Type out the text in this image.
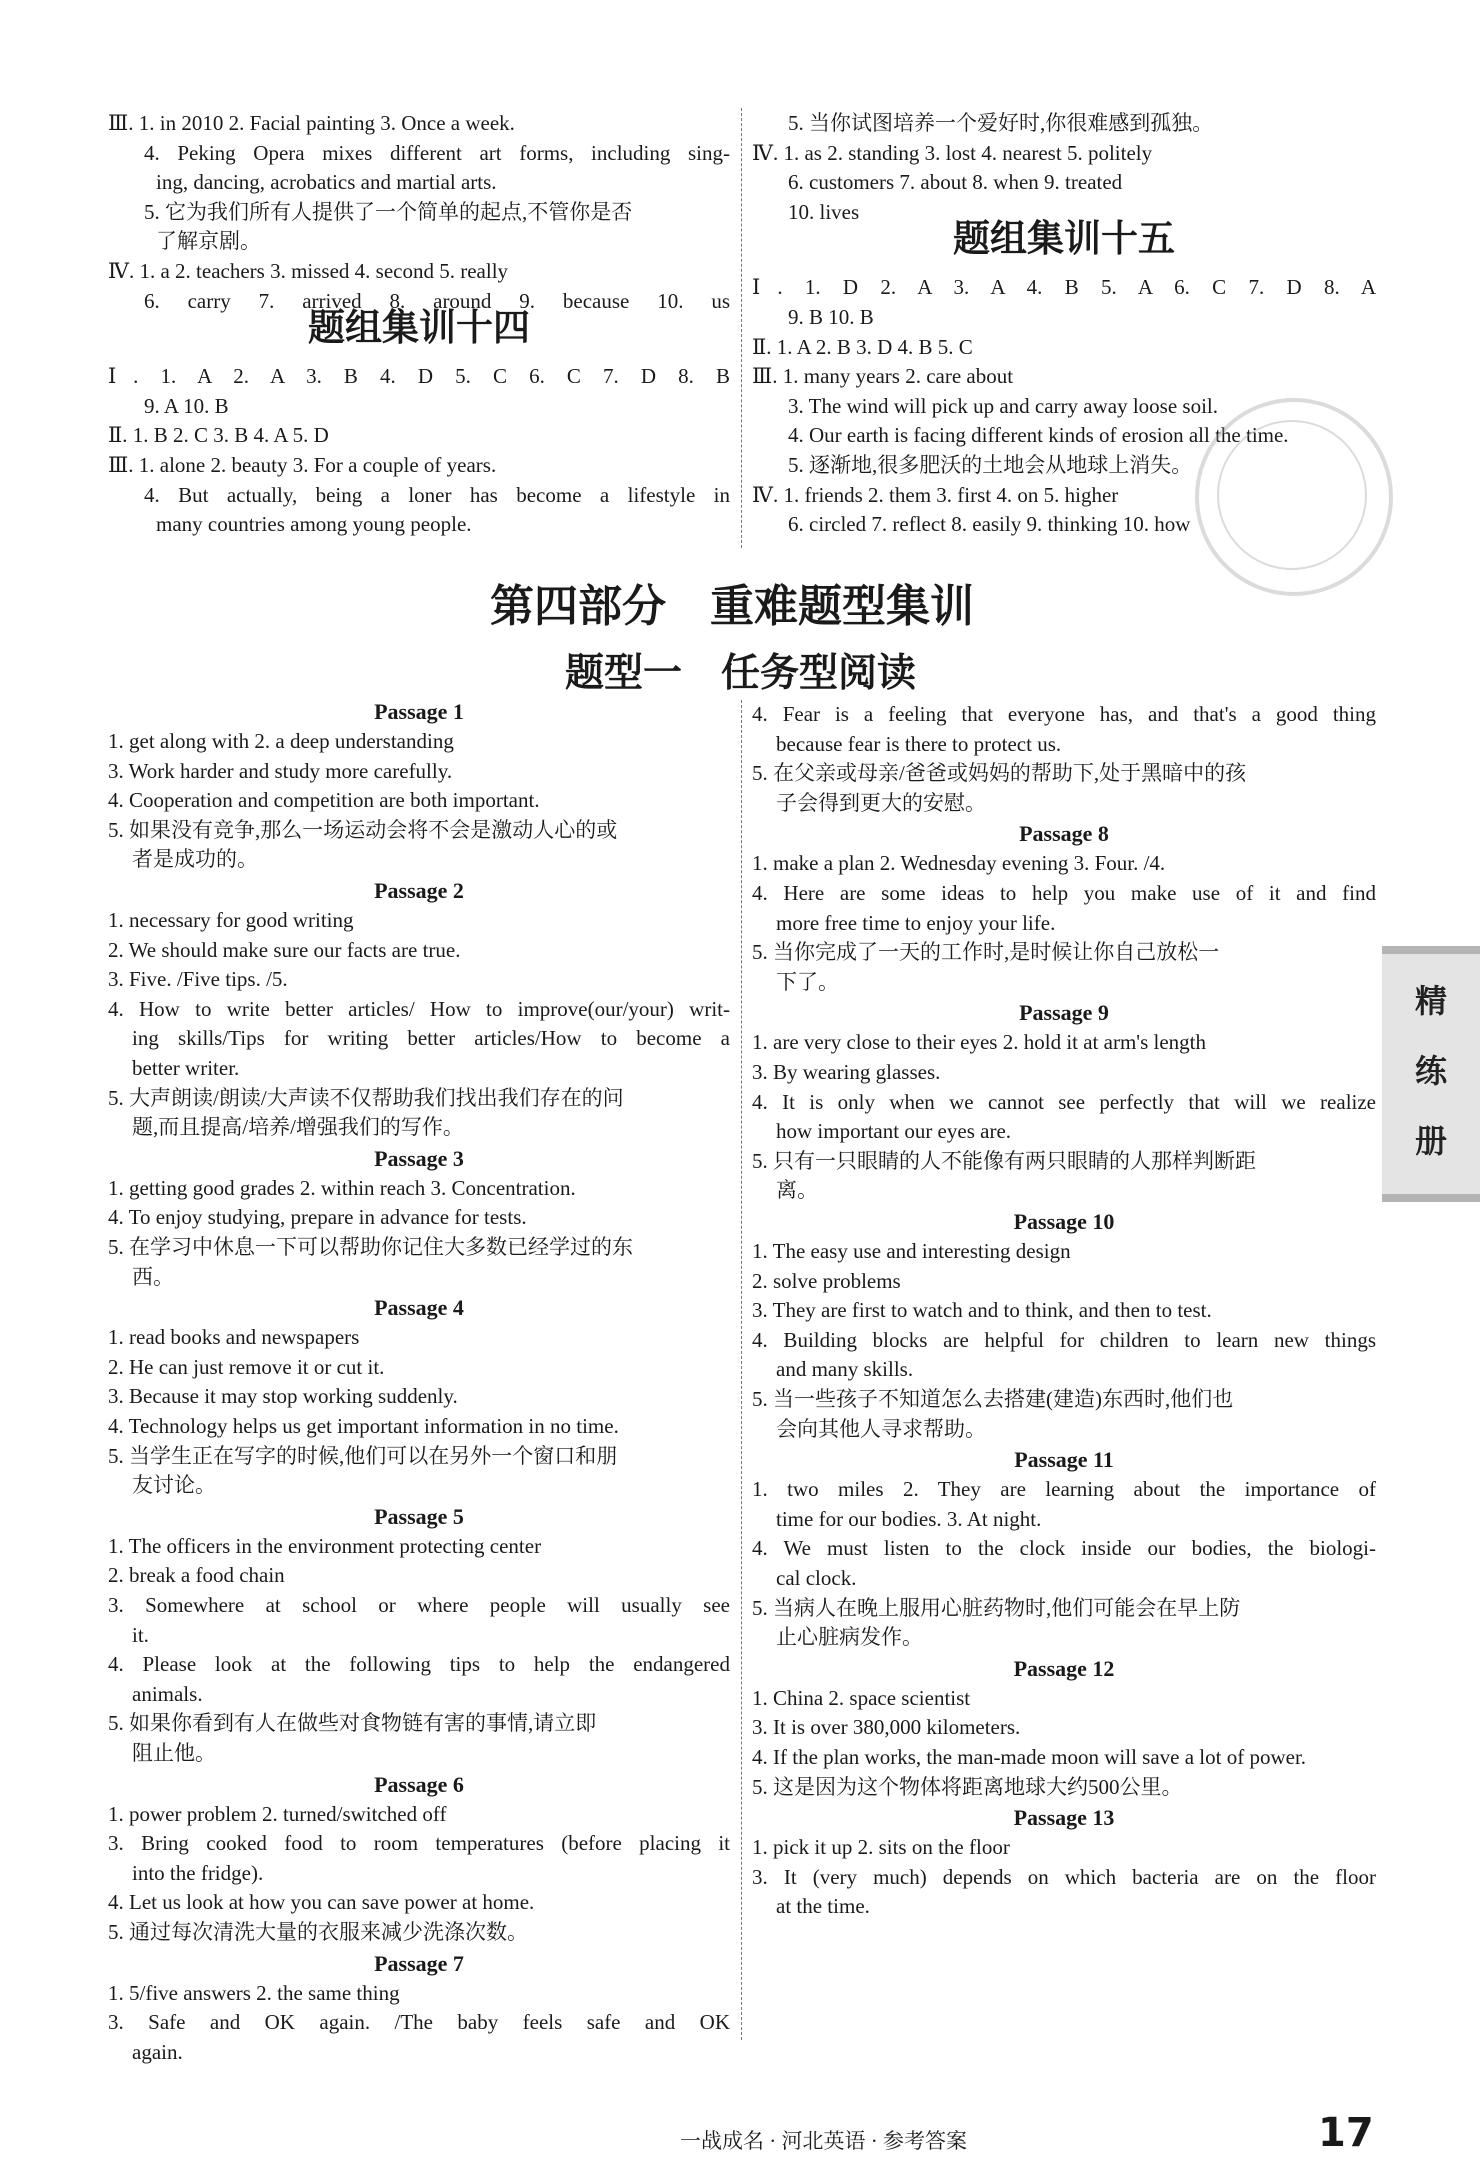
Ⅲ. 1. in 2010 2. Facial painting 3. Once a week.
4. Peking Opera mixes different art forms, including sing-
ing, dancing, acrobatics and martial arts.
5. 它为我们所有人提供了一个简单的起点,不管你是否
了解京剧。
Ⅳ. 1. a 2. teachers 3. missed 4. second 5. really
6. carry 7. arrived 8. around 9. because 10. us
题组集训十四
Ⅰ. 1. A 2. A 3. B 4. D 5. C 6. C 7. D 8. B
9. A 10. B
Ⅱ. 1. B 2. C 3. B 4. A 5. D
Ⅲ. 1. alone 2. beauty 3. For a couple of years.
4. But actually, being a loner has become a lifestyle in
many countries among young people.
Passage 1
1. get along with 2. a deep understanding
3. Work harder and study more carefully.
4. Cooperation and competition are both important.
5. 如果没有竞争,那么一场运动会将不会是激动人心的或
者是成功的。
Passage 2
1. necessary for good writing
2. We should make sure our facts are true.
3. Five. /Five tips. /5.
4. How to write better articles/ How to improve(our/your) writ-
ing skills/Tips for writing better articles/How to become a
better writer.
5. 大声朗读/朗读/大声读不仅帮助我们找出我们存在的问
题,而且提高/培养/增强我们的写作。
Passage 3
1. getting good grades 2. within reach 3. Concentration.
4. To enjoy studying, prepare in advance for tests.
5. 在学习中休息一下可以帮助你记住大多数已经学过的东
西。
Passage 4
1. read books and newspapers
2. He can just remove it or cut it.
3. Because it may stop working suddenly.
4. Technology helps us get important information in no time.
5. 当学生正在写字的时候,他们可以在另外一个窗口和朋
友讨论。
Passage 5
1. The officers in the environment protecting center
2. break a food chain
3. Somewhere at school or where people will usually see
it.
4. Please look at the following tips to help the endangered
animals.
5. 如果你看到有人在做些对食物链有害的事情,请立即
阻止他。
Passage 6
1. power problem 2. turned/switched off
3. Bring cooked food to room temperatures (before placing it
into the fridge).
4. Let us look at how you can save power at home.
5. 通过每次清洗大量的衣服来减少洗涤次数。
Passage 7
1. 5/five answers 2. the same thing
3. Safe and OK again. /The baby feels safe and OK
again.
5. 当你试图培养一个爱好时,你很难感到孤独。
Ⅳ. 1. as 2. standing 3. lost 4. nearest 5. politely
6. customers 7. about 8. when 9. treated
10. lives
题组集训十五
Ⅰ. 1. D 2. A 3. A 4. B 5. A 6. C 7. D 8. A
9. B 10. B
Ⅱ. 1. A 2. B 3. D 4. B 5. C
Ⅲ. 1. many years 2. care about
3. The wind will pick up and carry away loose soil.
4. Our earth is facing different kinds of erosion all the time.
5. 逐渐地,很多肥沃的土地会从地球上消失。
Ⅳ. 1. friends 2. them 3. first 4. on 5. higher
6. circled 7. reflect 8. easily 9. thinking 10. how
4. Fear is a feeling that everyone has, and that's a good thing
because fear is there to protect us.
5. 在父亲或母亲/爸爸或妈妈的帮助下,处于黑暗中的孩
子会得到更大的安慰。
Passage 8
1. make a plan 2. Wednesday evening 3. Four. /4.
4. Here are some ideas to help you make use of it and find
more free time to enjoy your life.
5. 当你完成了一天的工作时,是时候让你自己放松一
下了。
Passage 9
1. are very close to their eyes 2. hold it at arm's length
3. By wearing glasses.
4. It is only when we cannot see perfectly that will we realize
how important our eyes are.
5. 只有一只眼睛的人不能像有两只眼睛的人那样判断距
离。
Passage 10
1. The easy use and interesting design
2. solve problems
3. They are first to watch and to think, and then to test.
4. Building blocks are helpful for children to learn new things
and many skills.
5. 当一些孩子不知道怎么去搭建(建造)东西时,他们也
会向其他人寻求帮助。
Passage 11
1. two miles 2. They are learning about the importance of
time for our bodies. 3. At night.
4. We must listen to the clock inside our bodies, the biologi-
cal clock.
5. 当病人在晚上服用心脏药物时,他们可能会在早上防
止心脏病发作。
Passage 12
1. China 2. space scientist
3. It is over 380,000 kilometers.
4. If the plan works, the man-made moon will save a lot of power.
5. 这是因为这个物体将距离地球大约500公里。
Passage 13
1. pick it up 2. sits on the floor
3. It (very much) depends on which bacteria are on the floor
at the time.
第四部分　重难题型集训
题型一　任务型阅读
精
练
册
一战成名 · 河北英语 · 参考答案	17
